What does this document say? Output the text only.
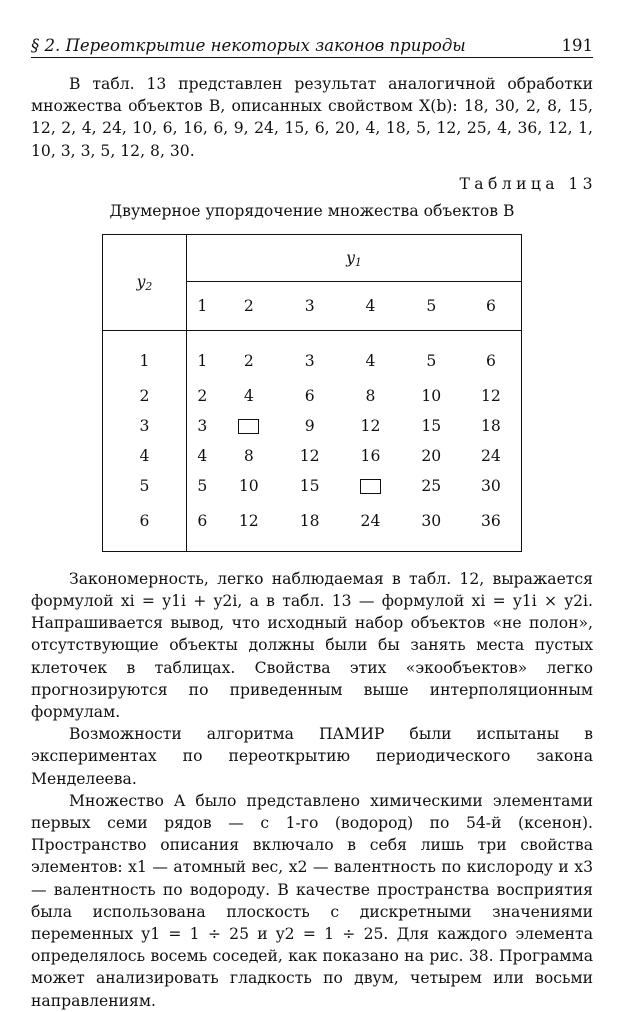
§ 2. Переоткрытие некоторых законов природы	191

В табл. 13 представлен результат аналогичной обработки множества объектов B, описанных свойством X(b): 18, 30, 2, 8, 15, 12, 2, 4, 24, 10, 6, 16, 6, 9, 24, 15, 6, 20, 4, 18, 5, 12, 25, 4, 36, 12, 1, 10, 3, 3, 5, 12, 8, 30.

Таблица 13
Двумерное упорядочение множества объектов B
$y_2$	$y_1$
	1	2	3	4	5	6
1	1	2	3	4	5	6
2	2	4	6	8	10	12
3	3		9	12	15	18
4	4	8	12	16	20	24
5	5	10	15		25	30
6	6	12	18	24	30	36

Закономерность, легко наблюдаемая в табл. 12, выражается формулой xi = y1i + y2i, а в табл. 13 — формулой xi = y1i × y2i. Напрашивается вывод, что исходный набор объектов «не полон», отсутствующие объекты должны были бы занять места пустых клеточек в таблицах. Свойства этих «экообъектов» легко прогнозируются по приведенным выше интерполяционным формулам.

Возможности алгоритма ПАМИР были испытаны в экспериментах по переоткрытию периодического закона Менделеева.

Множество A было представлено химическими элементами первых семи рядов — с 1-го (водород) по 54-й (ксенон). Пространство описания включало в себя лишь три свойства элементов: x1 — атомный вес, x2 — валентность по кислороду и x3 — валентность по водороду. В качестве пространства восприятия была использована плоскость с дискретными значениями переменных y1 = 1 ÷ 25 и y2 = 1 ÷ 25. Для каждого элемента определялось восемь соседей, как показано на рис. 38. Программа может анализировать гладкость по двум, четырем или восьми направлениям.
